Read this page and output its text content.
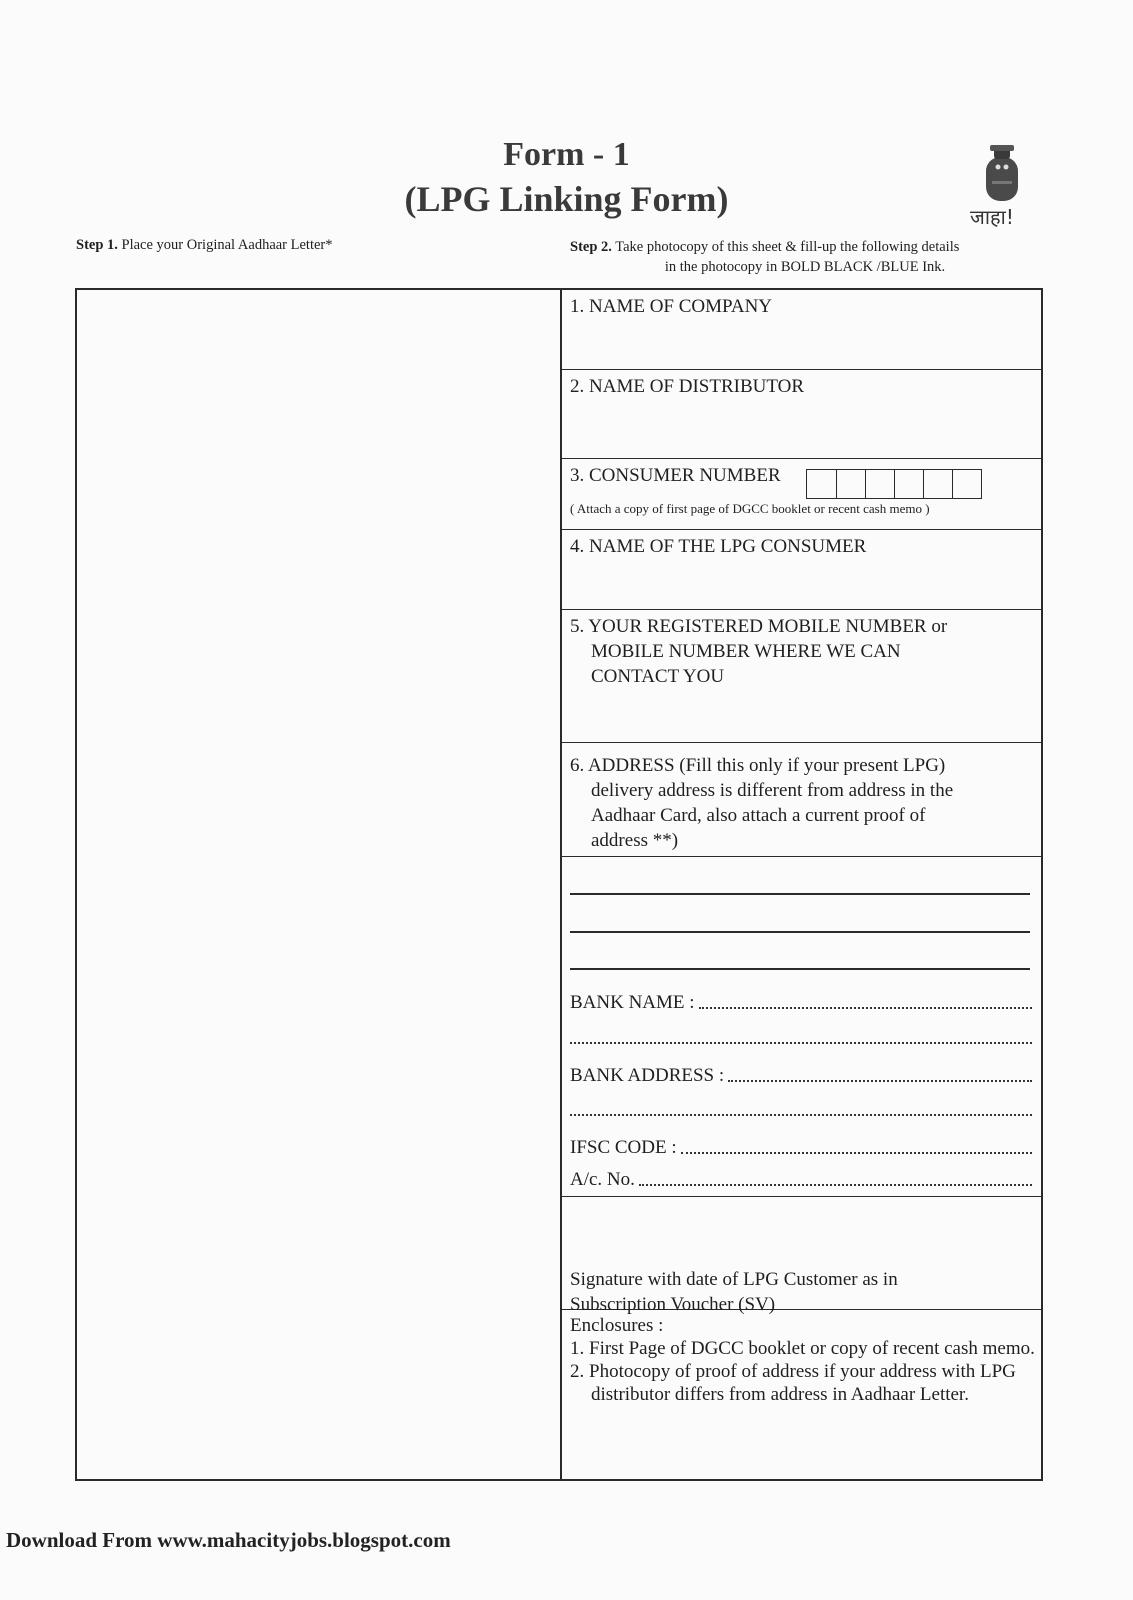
Form - 1
(LPG Linking Form)	जाहा!
Step 1. Place your Original Aadhaar Letter*	Step 2. Take photocopy of this sheet & fill-up the following details
in the photocopy in BOLD BLACK /BLUE Ink.
1. NAME OF COMPANY
2. NAME OF DISTRIBUTOR
3. CONSUMER NUMBER
( Attach a copy of first page of DGCC booklet or recent cash memo )
4. NAME OF THE LPG CONSUMER
5. YOUR REGISTERED MOBILE NUMBER or
MOBILE NUMBER WHERE WE CAN
CONTACT YOU
6. ADDRESS (Fill this only if your present LPG)
delivery address is different from address in the
Aadhaar Card, also attach a current proof of
address **)
BANK NAME :
BANK ADDRESS :
IFSC CODE :
A/c. No.
Signature with date of LPG Customer as in
Subscription Voucher (SV)
Enclosures :
1. First Page of DGCC booklet or copy of recent cash memo.
2. Photocopy of proof of address if your address with LPG distributor differs from address in Aadhaar Letter.
Download From www.mahacityjobs.blogspot.com
